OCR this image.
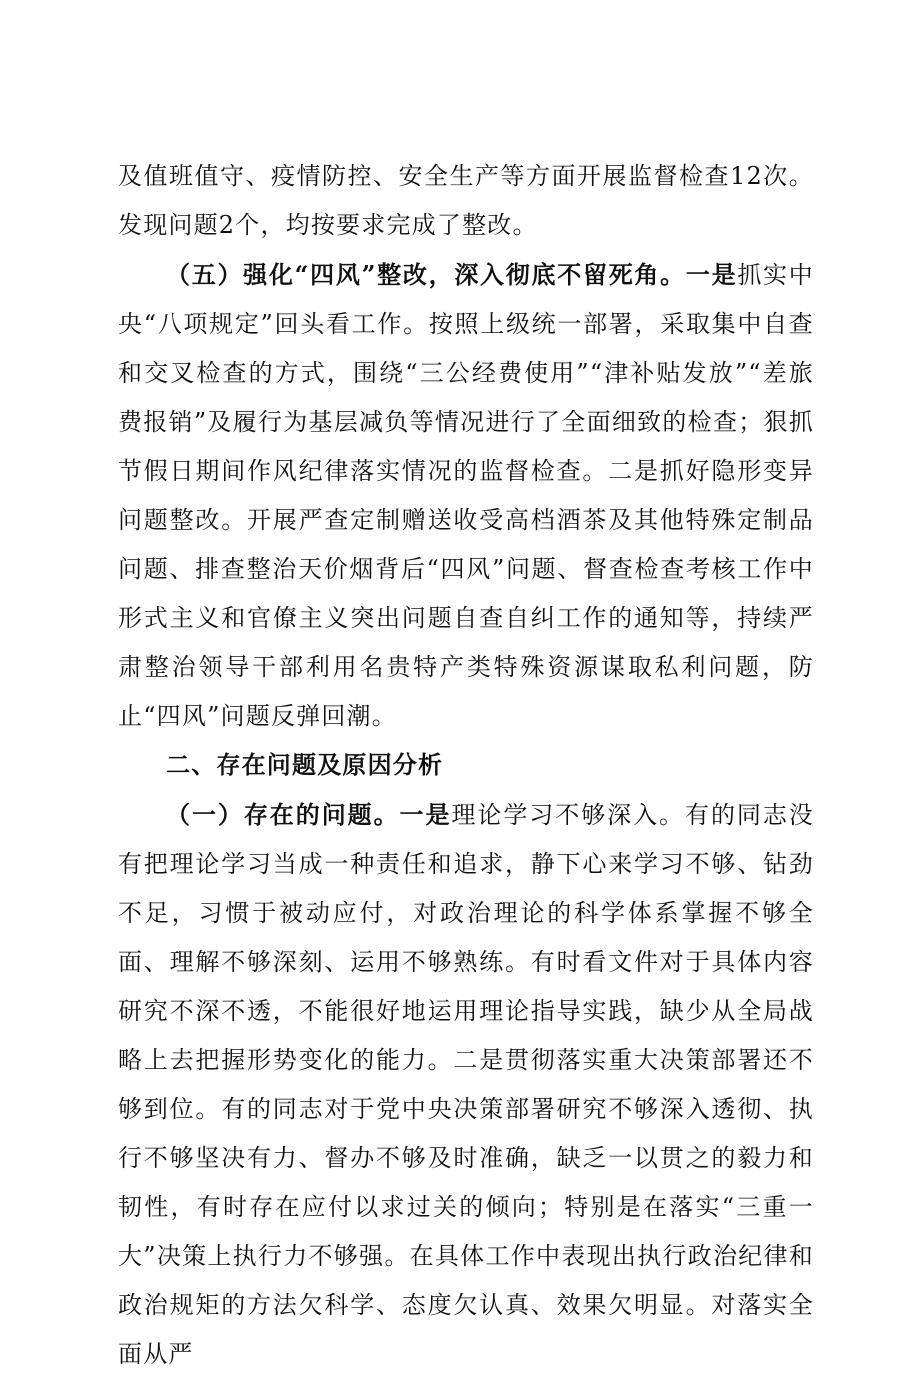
及值班值守、疫情防控、安全生产等方面开展监督检查12次。发现问题2个，均按要求完成了整改。

（五）强化“四风”整改，深入彻底不留死角。一是抓实中央“八项规定”回头看工作。按照上级统一部署，采取集中自查和交叉检查的方式，围绕“三公经费使用”“津补贴发放”“差旅费报销”及履行为基层减负等情况进行了全面细致的检查；狠抓节假日期间作风纪律落实情况的监督检查。二是抓好隐形变异问题整改。开展严查定制赠送收受高档酒茶及其他特殊定制品问题、排查整治天价烟背后“四风”问题、督查检查考核工作中形式主义和官僚主义突出问题自查自纠工作的通知等，持续严肃整治领导干部利用名贵特产类特殊资源谋取私利问题，防止“四风”问题反弹回潮。

二、存在问题及原因分析

（一）存在的问题。一是理论学习不够深入。有的同志没有把理论学习当成一种责任和追求，静下心来学习不够、钻劲不足，习惯于被动应付，对政治理论的科学体系掌握不够全面、理解不够深刻、运用不够熟练。有时看文件对于具体内容研究不深不透，不能很好地运用理论指导实践，缺少从全局战略上去把握形势变化的能力。二是贯彻落实重大决策部署还不够到位。有的同志对于党中央决策部署研究不够深入透彻、执行不够坚决有力、督办不够及时准确，缺乏一以贯之的毅力和韧性，有时存在应付以求过关的倾向；特别是在落实“三重一大”决策上执行力不够强。在具体工作中表现出执行政治纪律和政治规矩的方法欠科学、态度欠认真、效果欠明显。对落实全面从严
